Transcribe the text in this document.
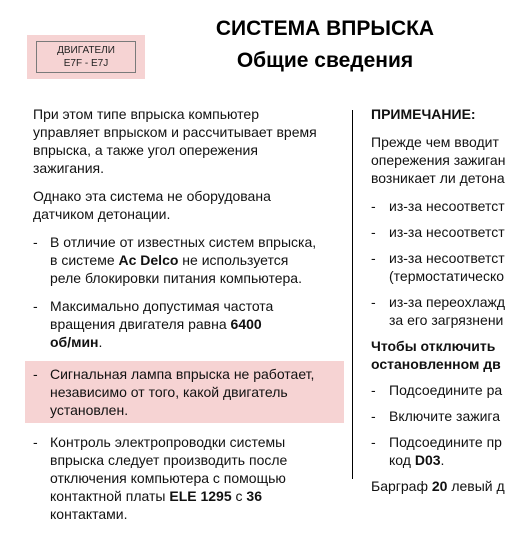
ДВИГАТЕЛИ
E7F - E7J
СИСТЕМА ВПРЫСКА
Общие сведения

При этом типе впрыска компьютер
управляет впрыском и рассчитывает время
впрыска, а также угол опережения
зажигания.

Однако эта система не оборудована
датчиком детонации.

- В отличие от известных систем впрыска,
в системе Ac Delco не используется
реле блокировки питания компьютера.
- Максимально допустимая частота
вращения двигателя равна 6400
об/мин.
- Сигнальная лампа впрыска не работает,
независимо от того, какой двигатель
установлен.
- Контроль электропроводки системы
впрыска следует производить после
отключения компьютера с помощью
контактной платы ELE 1295 с 36
контактами.
ПРИМЕЧАНИЕ:

Прежде чем вводит
опережения зажиган
возникает ли детона

- из-за несоответст
- из-за несоответст
- из-за несоответст
(термостатическо
- из-за переохлажд
за его загрязнени
Чтобы отключить
остановленном дв
- Подсоедините ра
- Включите зажига
- Подсоедините пр
код D03.

Барграф 20 левый д
